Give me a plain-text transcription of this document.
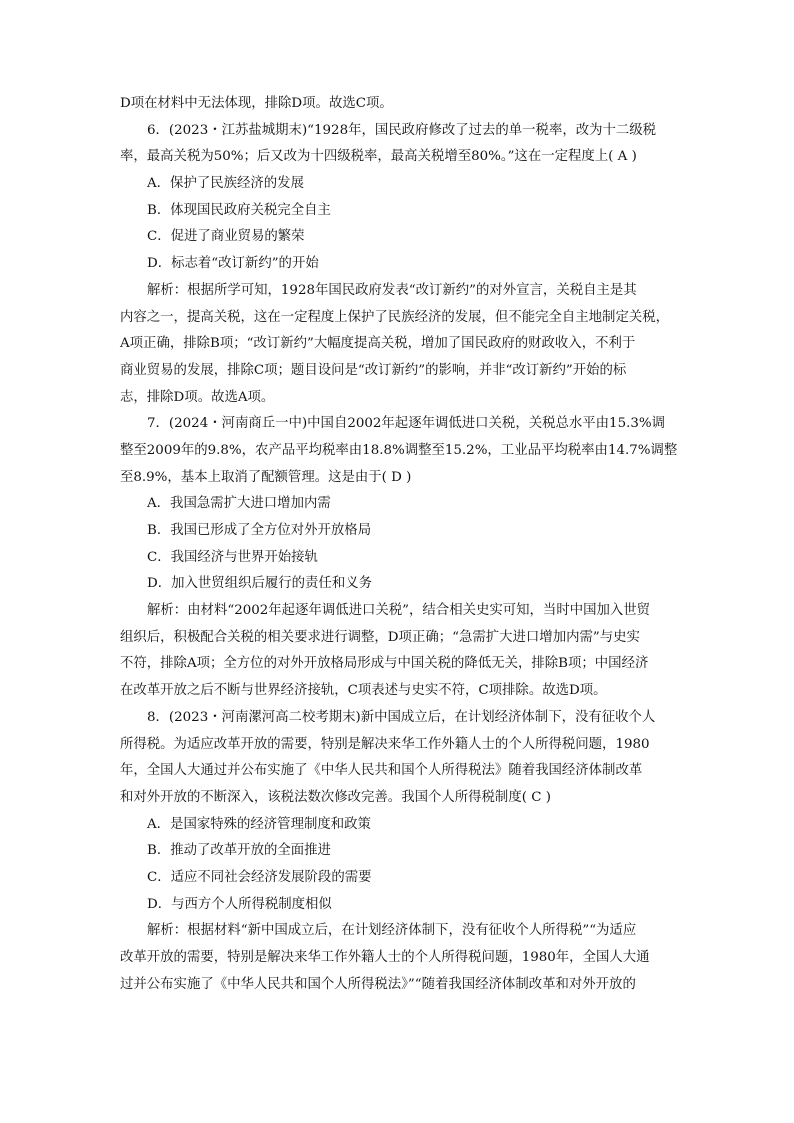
D项在材料中无法体现，排除D项。故选C项。

6．(2023・江苏盐城期末)“1928年，国民政府修改了过去的单一税率，改为十二级税

率，最高关税为50%；后又改为十四级税率，最高关税增至80%。”这在一定程度上( A )

A．保护了民族经济的发展

B．体现国民政府关税完全自主

C．促进了商业贸易的繁荣

D．标志着“改订新约”的开始

解析：根据所学可知，1928年国民政府发表“改订新约”的对外宣言，关税自主是其

内容之一，提高关税，这在一定程度上保护了民族经济的发展，但不能完全自主地制定关税，

A项正确，排除B项；“改订新约”大幅度提高关税，增加了国民政府的财政收入，不利于

商业贸易的发展，排除C项；题目设问是“改订新约”的影响，并非“改订新约”开始的标

志，排除D项。故选A项。

7．(2024・河南商丘一中)中国自2002年起逐年调低进口关税，关税总水平由15.3%调

整至2009年的9.8%，农产品平均税率由18.8%调整至15.2%，工业品平均税率由14.7%调整

至8.9%，基本上取消了配额管理。这是由于( D )

A．我国急需扩大进口增加内需

B．我国已形成了全方位对外开放格局

C．我国经济与世界开始接轨

D．加入世贸组织后履行的责任和义务

解析：由材料“2002年起逐年调低进口关税”，结合相关史实可知，当时中国加入世贸

组织后，积极配合关税的相关要求进行调整，D项正确；“急需扩大进口增加内需”与史实

不符，排除A项；全方位的对外开放格局形成与中国关税的降低无关，排除B项；中国经济

在改革开放之后不断与世界经济接轨，C项表述与史实不符，C项排除。故选D项。

8．(2023・河南漯河高二校考期末)新中国成立后，在计划经济体制下，没有征收个人

所得税。为适应改革开放的需要，特别是解决来华工作外籍人士的个人所得税问题，1980

年，全国人大通过并公布实施了《中华人民共和国个人所得税法》随着我国经济体制改革

和对外开放的不断深入，该税法数次修改完善。我国个人所得税制度( C )

A．是国家特殊的经济管理制度和政策

B．推动了改革开放的全面推进

C．适应不同社会经济发展阶段的需要

D．与西方个人所得税制度相似

解析：根据材料“新中国成立后，在计划经济体制下，没有征收个人所得税”“为适应

改革开放的需要，特别是解决来华工作外籍人士的个人所得税问题，1980年，全国人大通

过并公布实施了《中华人民共和国个人所得税法》”“随着我国经济体制改革和对外开放的
